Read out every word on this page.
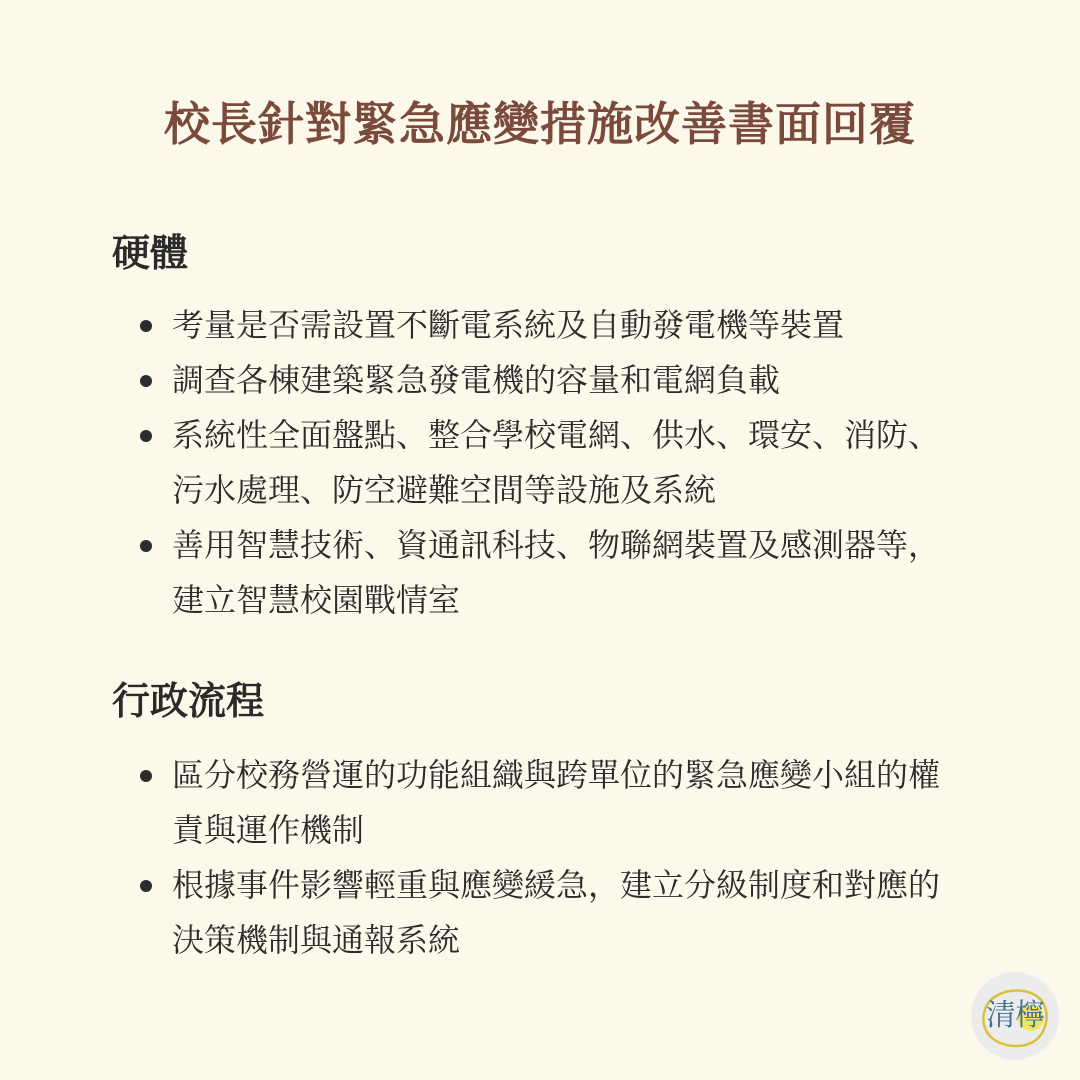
校長針對緊急應變措施改善書面回覆
硬體
考量是否需設置不斷電系統及自動發電機等裝置
調查各棟建築緊急發電機的容量和電網負載
系統性全面盤點、整合學校電網、供水、環安、消防、污水處理、防空避難空間等設施及系統
善用智慧技術、資通訊科技、物聯網裝置及感測器等，建立智慧校園戰情室
行政流程
區分校務營運的功能組織與跨單位的緊急應變小組的權責與運作機制
根據事件影響輕重與應變緩急，建立分級制度和對應的決策機制與通報系統
清檸
